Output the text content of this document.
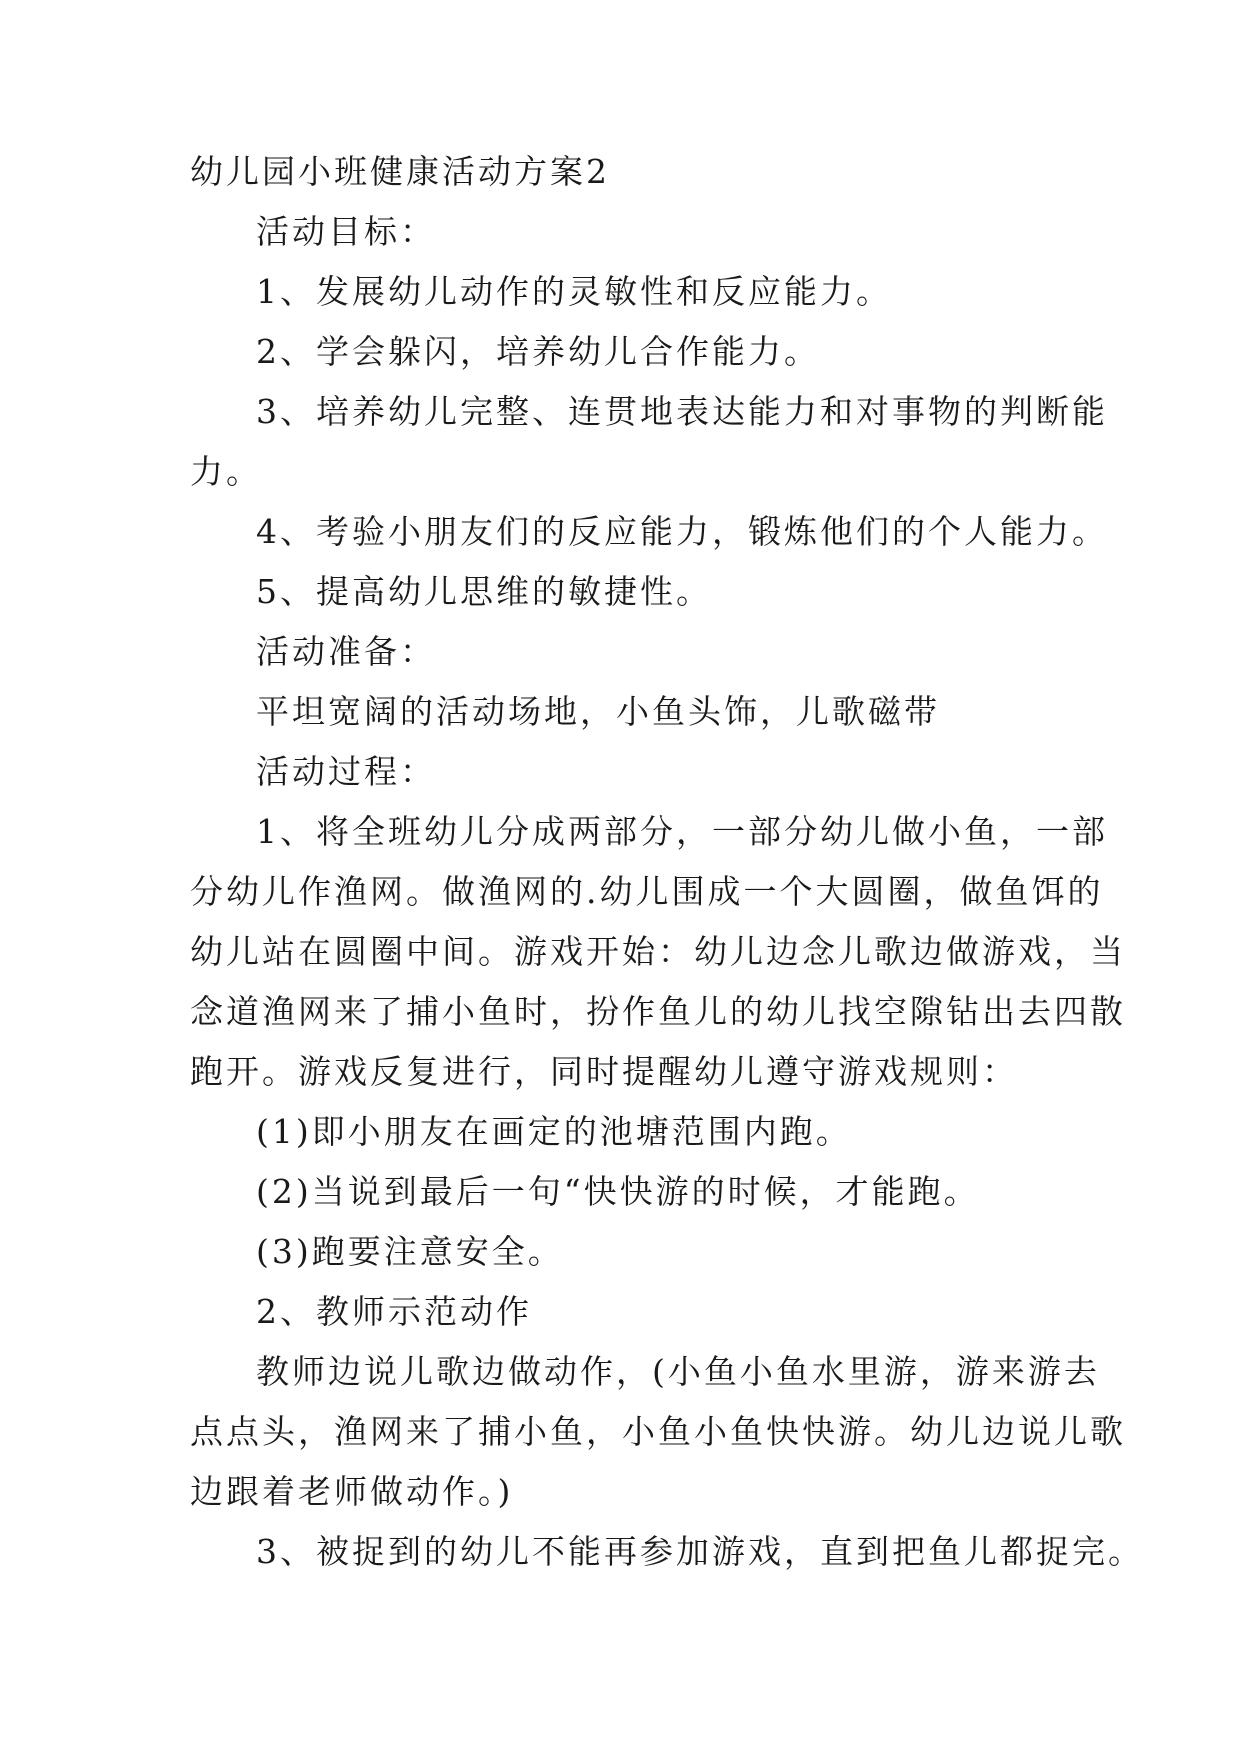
幼儿园小班健康活动方案2
活动目标：
1、发展幼儿动作的灵敏性和反应能力。
2、学会躲闪，培养幼儿合作能力。
3、培养幼儿完整、连贯地表达能力和对事物的判断能
力。
4、考验小朋友们的反应能力，锻炼他们的个人能力。
5、提高幼儿思维的敏捷性。
活动准备：
平坦宽阔的活动场地，小鱼头饰，儿歌磁带
活动过程：
1、将全班幼儿分成两部分，一部分幼儿做小鱼，一部
分幼儿作渔网。做渔网的.幼儿围成一个大圆圈，做鱼饵的
幼儿站在圆圈中间。游戏开始：幼儿边念儿歌边做游戏，当
念道渔网来了捕小鱼时，扮作鱼儿的幼儿找空隙钻出去四散
跑开。游戏反复进行，同时提醒幼儿遵守游戏规则：
(1)即小朋友在画定的池塘范围内跑。
(2)当说到最后一句“快快游的时候，才能跑。
(3)跑要注意安全。
2、教师示范动作
教师边说儿歌边做动作，(小鱼小鱼水里游，游来游去
点点头，渔网来了捕小鱼，小鱼小鱼快快游。幼儿边说儿歌
边跟着老师做动作。)
3、被捉到的幼儿不能再参加游戏，直到把鱼儿都捉完。
